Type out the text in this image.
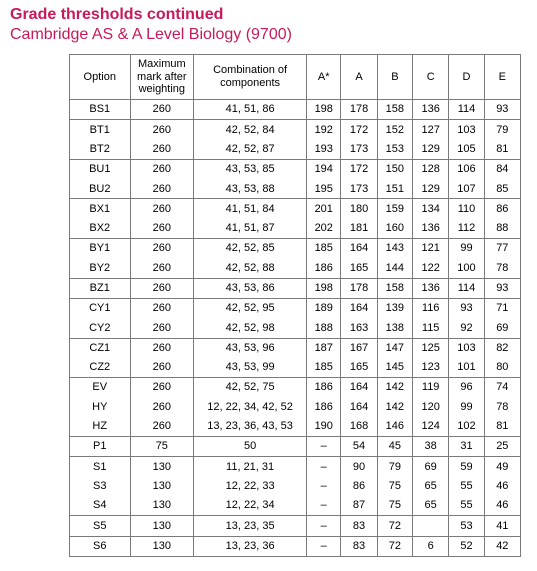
Grade thresholds continued
Cambridge AS & A Level Biology (9700)
Option	Maximum mark after weighting	Combination of components	A*	A	B	C	D	E
BS1	260	41, 51, 86	198	178	158	136	114	93
BT1	260	42, 52, 84	192	172	152	127	103	79
BT2	260	42, 52, 87	193	173	153	129	105	81
BU1	260	43, 53, 85	194	172	150	128	106	84
BU2	260	43, 53, 88	195	173	151	129	107	85
BX1	260	41, 51, 84	201	180	159	134	110	86
BX2	260	41, 51, 87	202	181	160	136	112	88
BY1	260	42, 52, 85	185	164	143	121	99	77
BY2	260	42, 52, 88	186	165	144	122	100	78
BZ1	260	43, 53, 86	198	178	158	136	114	93
CY1	260	42, 52, 95	189	164	139	116	93	71
CY2	260	42, 52, 98	188	163	138	115	92	69
CZ1	260	43, 53, 96	187	167	147	125	103	82
CZ2	260	43, 53, 99	185	165	145	123	101	80
EV	260	42, 52, 75	186	164	142	119	96	74
HY	260	12, 22, 34, 42, 52	186	164	142	120	99	78
HZ	260	13, 23, 36, 43, 53	190	168	146	124	102	81
P1	75	50	–	54	45	38	31	25
S1	130	11, 21, 31	–	90	79	69	59	49
S3	130	12, 22, 33	–	86	75	65	55	46
S4	130	12, 22, 34	–	87	75	65	55	46
S5	130	13, 23, 35	–	83	72		53	41
S6	130	13, 23, 36	–	83	72	6	52	42
